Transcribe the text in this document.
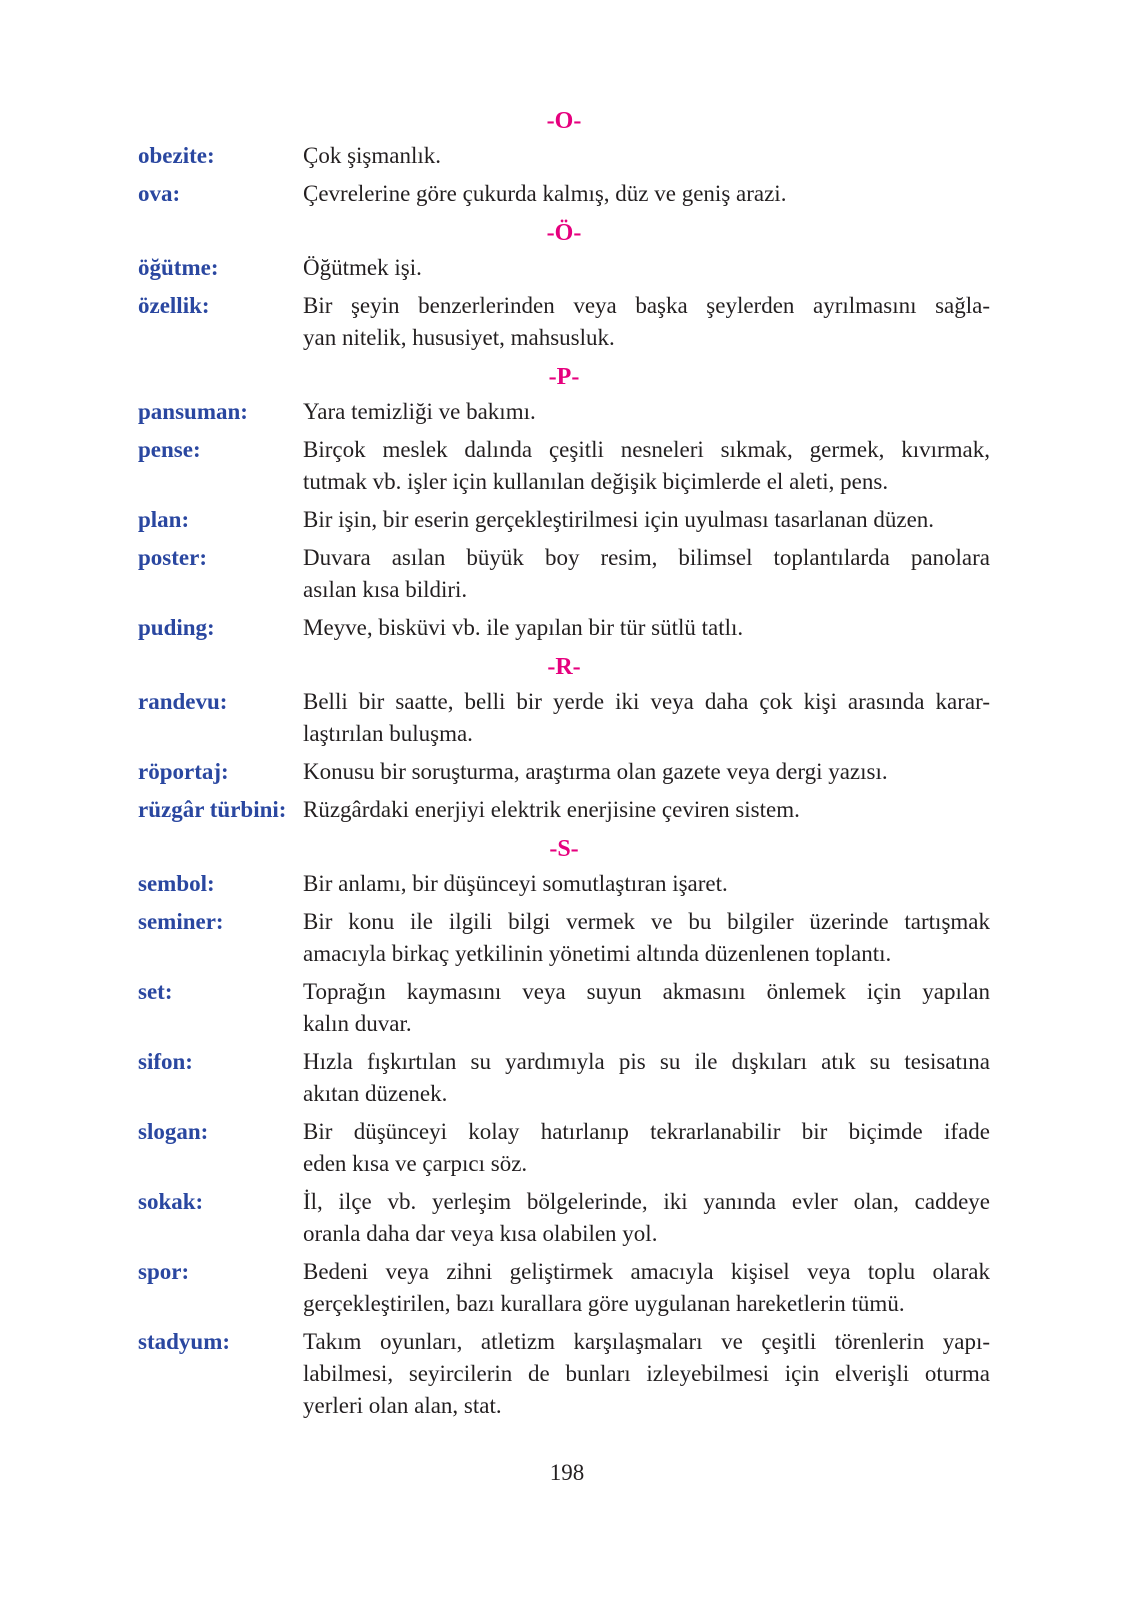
-O-
obezite:	Çok şişmanlık.
ova:	Çevrelerine göre çukurda kalmış, düz ve geniş arazi.
-Ö-
öğütme:	Öğütmek işi.
özellik:	Bir şeyin benzerlerinden veya başka şeylerden ayrılmasını sağla-
yan nitelik, hususiyet, mahsusluk.
-P-
pansuman:	Yara temizliği ve bakımı.
pense:	Birçok meslek dalında çeşitli nesneleri sıkmak, germek, kıvırmak,
tutmak vb. işler için kullanılan değişik biçimlerde el aleti, pens.
plan:	Bir işin, bir eserin gerçekleştirilmesi için uyulması tasarlanan düzen.
poster:	Duvara asılan büyük boy resim, bilimsel toplantılarda panolara
asılan kısa bildiri.
puding:	Meyve, bisküvi vb. ile yapılan bir tür sütlü tatlı.
-R-
randevu:	Belli bir saatte, belli bir yerde iki veya daha çok kişi arasında karar-
laştırılan buluşma.
röportaj:	Konusu bir soruşturma, araştırma olan gazete veya dergi yazısı.
rüzgâr türbini: Rüzgârdaki enerjiyi elektrik enerjisine çeviren sistem.
-S-
sembol:	Bir anlamı, bir düşünceyi somutlaştıran işaret.
seminer:	Bir konu ile ilgili bilgi vermek ve bu bilgiler üzerinde tartışmak
amacıyla birkaç yetkilinin yönetimi altında düzenlenen toplantı.
set:	Toprağın kaymasını veya suyun akmasını önlemek için yapılan
kalın duvar.
sifon:	Hızla fışkırtılan su yardımıyla pis su ile dışkıları atık su tesisatına
akıtan düzenek.
slogan:	Bir düşünceyi kolay hatırlanıp tekrarlanabilir bir biçimde ifade
eden kısa ve çarpıcı söz.
sokak:	İl, ilçe vb. yerleşim bölgelerinde, iki yanında evler olan, caddeye
oranla daha dar veya kısa olabilen yol.
spor:	Bedeni veya zihni geliştirmek amacıyla kişisel veya toplu olarak
gerçekleştirilen, bazı kurallara göre uygulanan hareketlerin tümü.
stadyum:	Takım oyunları, atletizm karşılaşmaları ve çeşitli törenlerin yapı-
labilmesi, seyircilerin de bunları izleyebilmesi için elverişli oturma
yerleri olan alan, stat.
198
